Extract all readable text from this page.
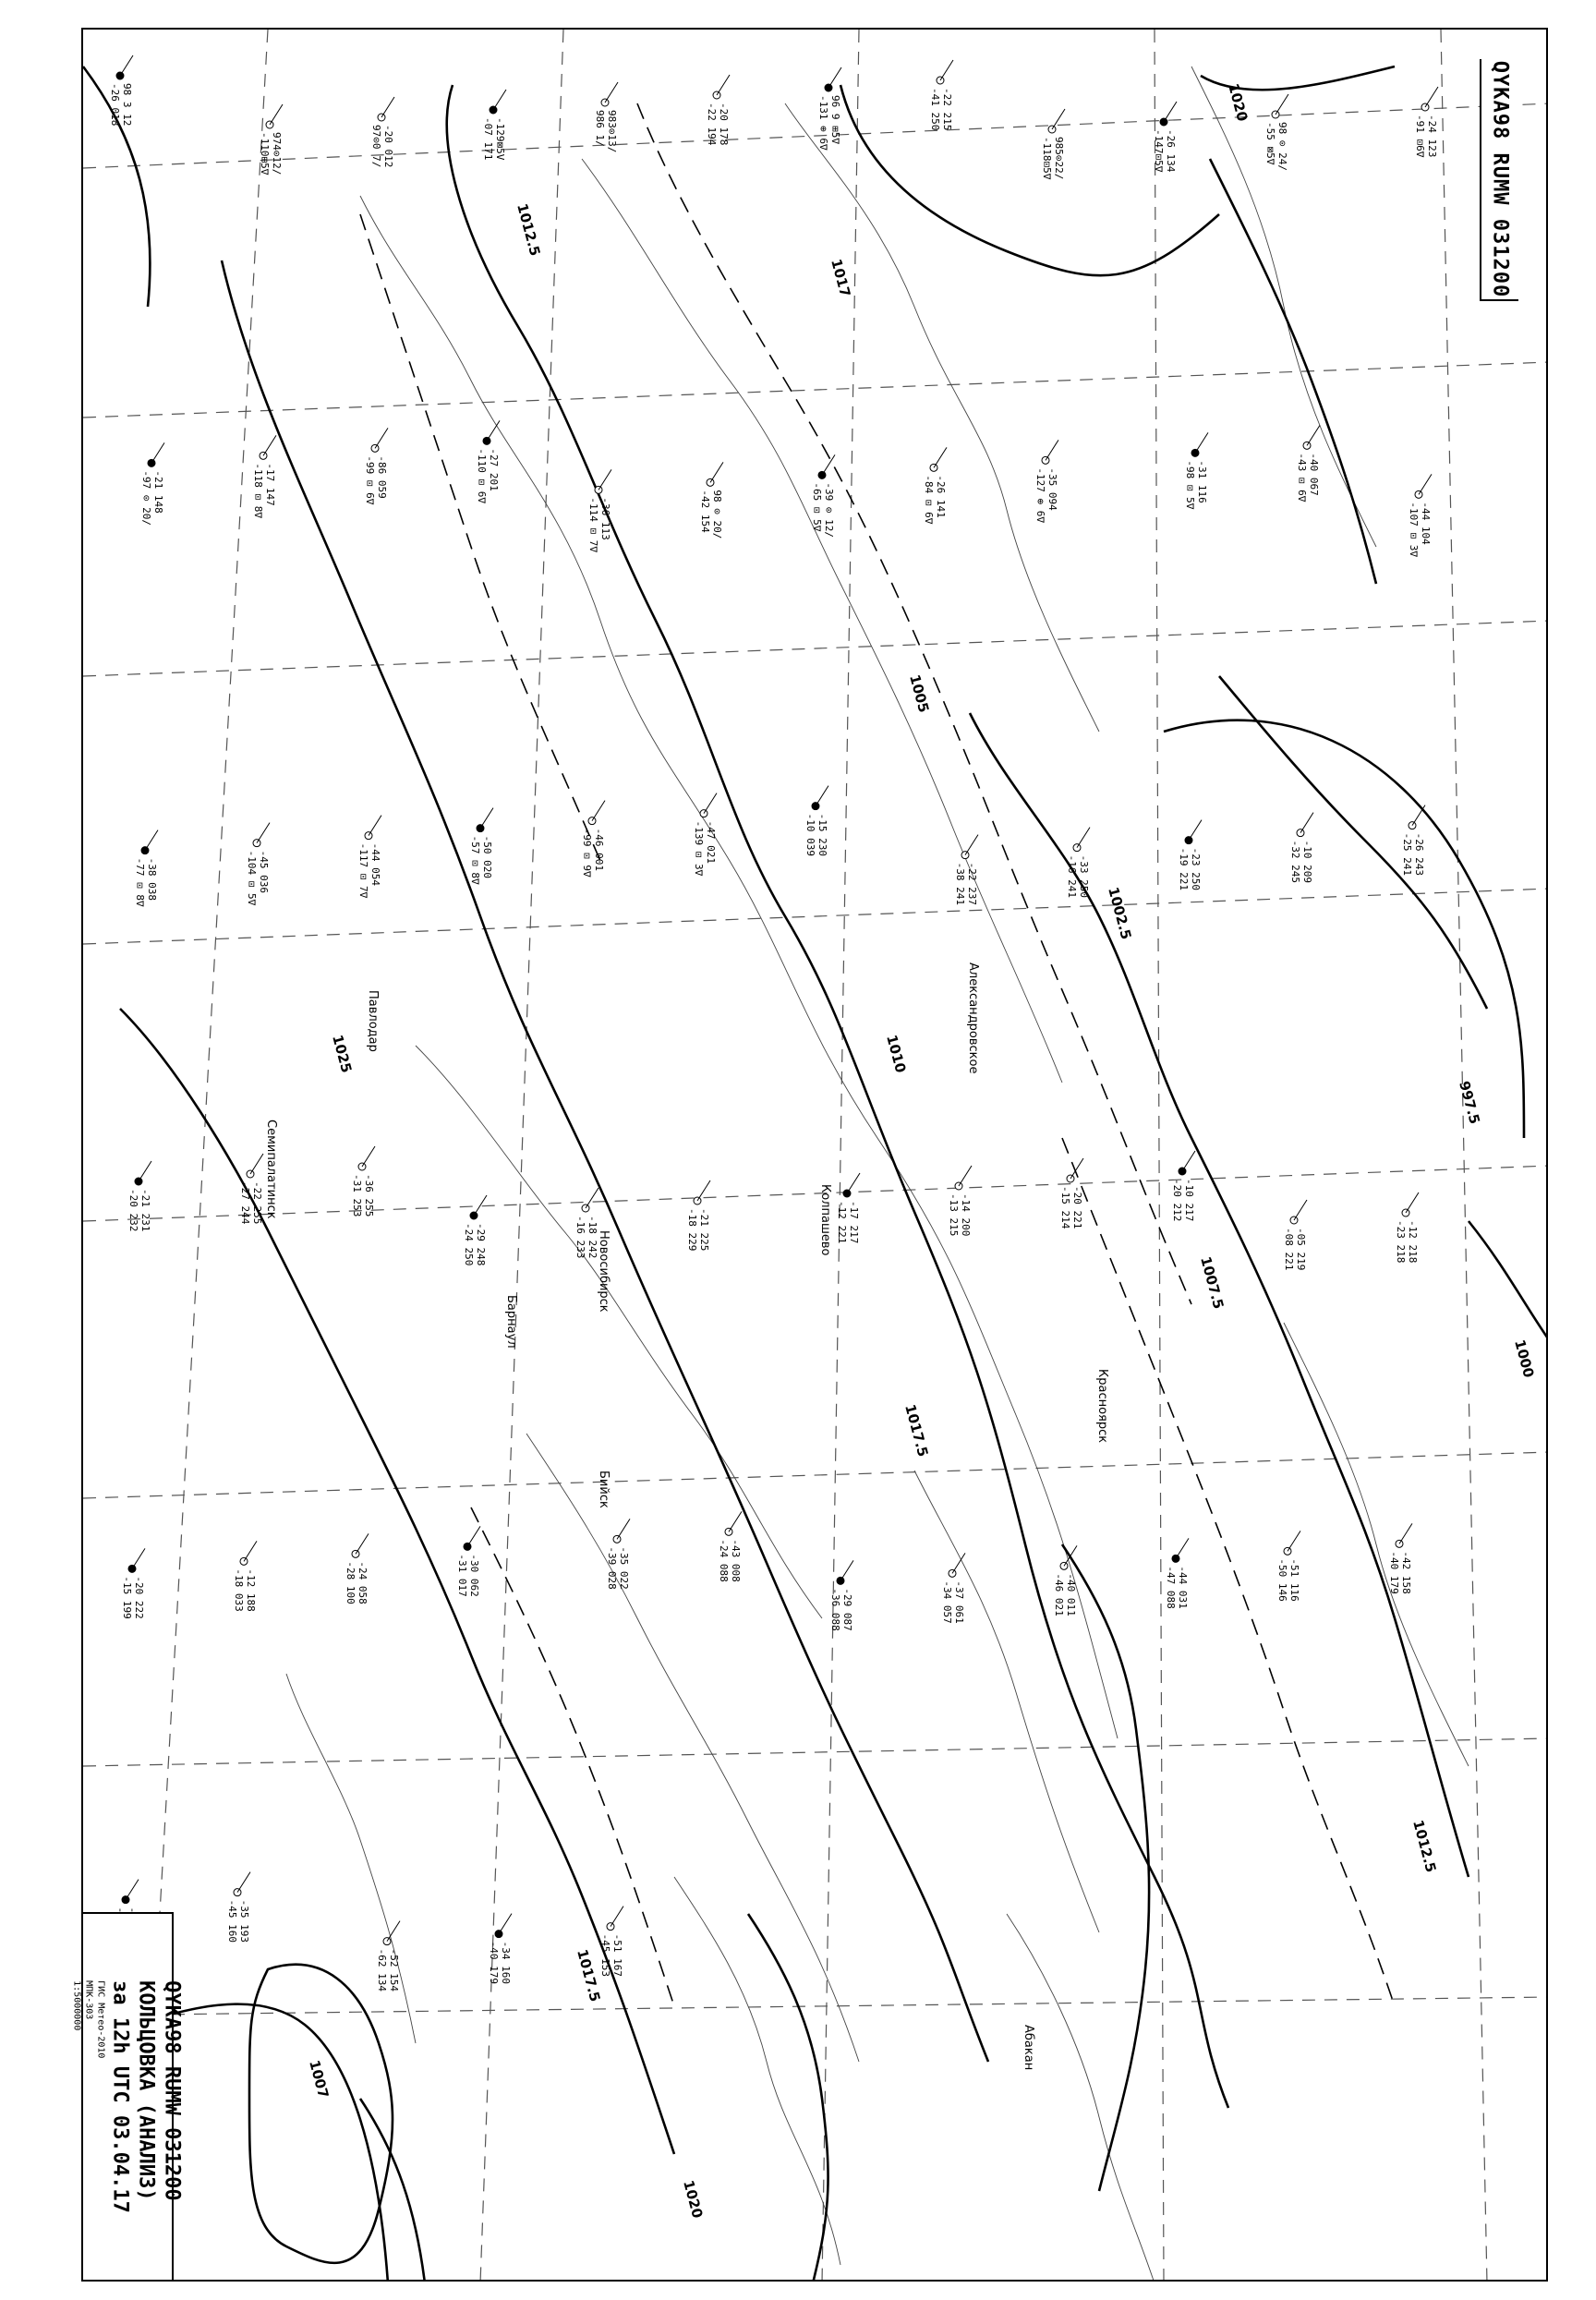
1020
1012.5
1017
1005
1002.5
1010
1025
1007.5
997.5
1000
1012.5
1017.5
1017.5
1007
1020
Павлодар
Семипалатинск
Барнаул
Бийск
Новосибирск
Колпашево
Александровское
Красноярск
Абакан
98 3 12
-26 018
974⊙12/
-110⊞5∇	-20 012
97⊙0 7/	-129⊠5V
-07 171	983⊙13/
986 1/	-20 178
-22 194	96 9 ⊞5∇
-131 ⊕ 6∇	-22 215
-41 250
985⊙22/
-118⊡5∇	-26 134
-147⊡5∇	98 ⊙ 24/
-55 ⊠5∇	-24 123
-91 ⊡6∇
-21 148
-97 ⊙ 20/	-17 147
-118 ⊡ 8∇	-86 059
-99 ⊡ 6∇	-27 201
-110 ⊡ 6∇
-36 113
-114 ⊡ 7∇	98 ⊙ 20/
-42 154	-39 ⊙ 12/
-65 ⊡ 5∇	-26 141
-84 ⊡ 6∇	-35 094
-127 ⊕ 6∇	-31 116
-98 ⊡ 5∇	-40 067
-43 ⊡ 6∇
-44 104
-107 ⊡ 3∇
-38 038
-77 ⊡ 8∇	-45 036
-104 ⊡ 5∇	-44 054
-117 ⊡ 7∇	-50 020
-57 ⊡ 8∇	-46 001
-99 ⊡ 9∇	-47 021
-139 ⊡ 3∇	-15 230
-10 039
-22 237
-38 241	-33 250
-16 241	-23 250
-19 221	-10 209
-32 245	-26 243
-25 241
-21 231
-20 232	-22 255
-27 244	-36 255
-31 253
-29 248
-24 250	-18 242
-16 233	-21 225
-18 229	-17 217
-12 221	-14 200
-13 215	-20 221
-15 214	-10 217
-20 212
-05 219
-08 221	-12 218
-23 218
-20 222
-15 199	-12 188
-18 033	-24 058
-28 100	-30 062
-31 017	-35 022
-39 028	-43 008
-24 088
-29 087
-36 088	-37 061
-34 057	-40 011
-46 021	-44 031
-47 088	-51 116
-50 146	-42 158
-40 179
-35 193
-45 160
-52 154
-62 134	-34 160
-40 179	-51 167
-45 153
QYKA98 RUMW 031200
QYKA98 RUMW 031200
КОЛЬЦОВКА (АНАЛИЗ)
за 12h UTC 03.04.17
ГИС Метео-2010
МПК-303
1:5000000
